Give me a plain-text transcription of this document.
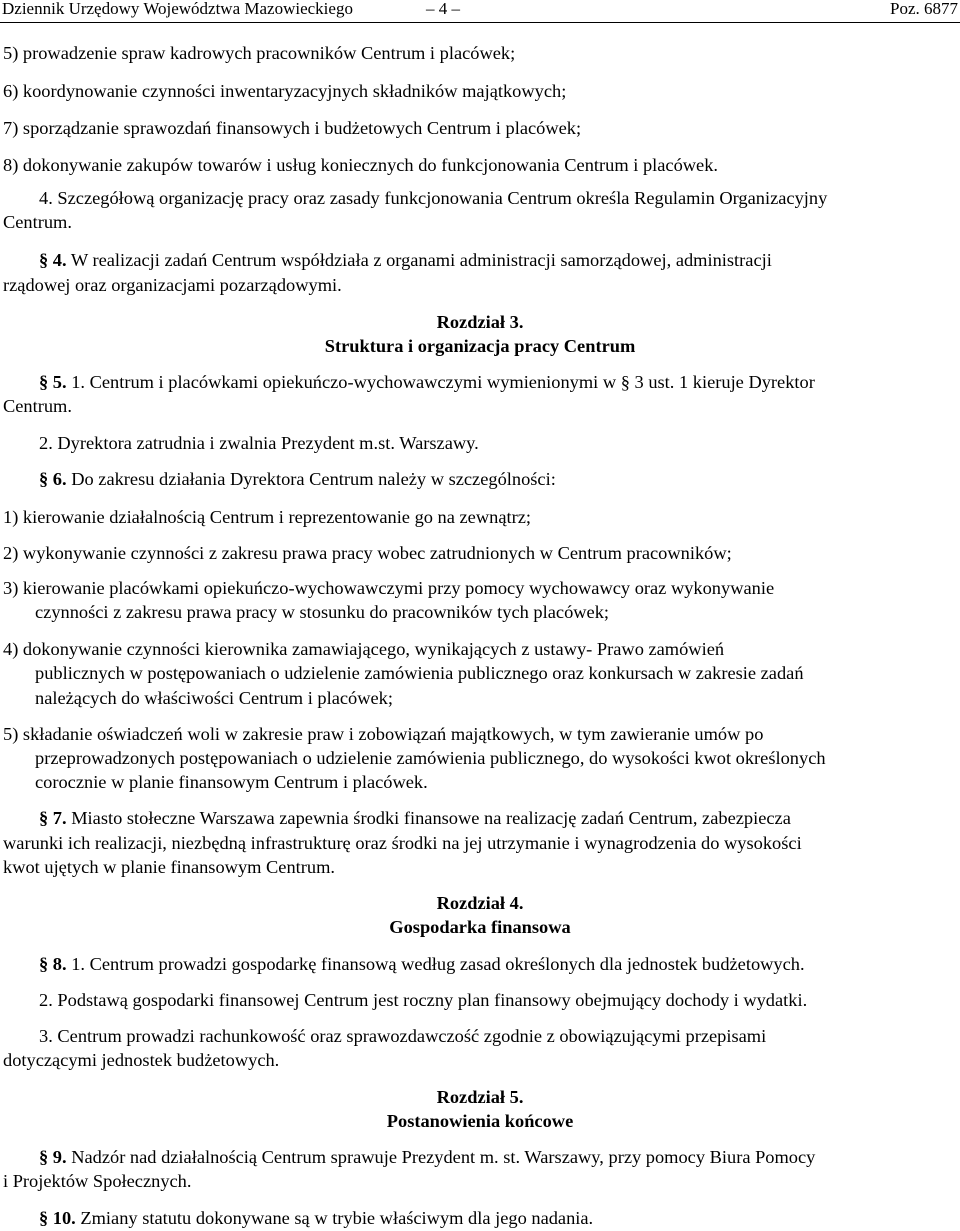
Dziennik Urzędowy Województwa Mazowieckiego	– 4 –	Poz. 6877
5) prowadzenie spraw kadrowych pracowników Centrum i placówek;
6) koordynowanie czynności inwentaryzacyjnych składników majątkowych;
7) sporządzanie sprawozdań finansowych i budżetowych Centrum i placówek;
8) dokonywanie zakupów towarów i usług koniecznych do funkcjonowania Centrum i placówek.
4. Szczegółową organizację pracy oraz zasady funkcjonowania Centrum określa Regulamin Organizacyjny
Centrum.
§ 4. W realizacji zadań Centrum współdziała z organami administracji samorządowej, administracji
rządowej oraz organizacjami pozarządowymi.
Rozdział 3.
Struktura i organizacja pracy Centrum
§ 5. 1. Centrum i placówkami opiekuńczo-wychowawczymi wymienionymi w § 3 ust. 1 kieruje Dyrektor
Centrum.
2. Dyrektora zatrudnia i zwalnia Prezydent m.st. Warszawy.
§ 6. Do zakresu działania Dyrektora Centrum należy w szczególności:
1) kierowanie działalnością Centrum i reprezentowanie go na zewnątrz;
2) wykonywanie czynności z zakresu prawa pracy wobec zatrudnionych w Centrum pracowników;
3) kierowanie placówkami opiekuńczo-wychowawczymi przy pomocy wychowawcy oraz wykonywanie
czynności z zakresu prawa pracy w stosunku do pracowników tych placówek;
4) dokonywanie czynności kierownika zamawiającego, wynikających z ustawy- Prawo zamówień
publicznych w postępowaniach o udzielenie zamówienia publicznego oraz konkursach w zakresie zadań
należących do właściwości Centrum i placówek;
5) składanie oświadczeń woli w zakresie praw i zobowiązań majątkowych, w tym zawieranie umów po
przeprowadzonych postępowaniach o udzielenie zamówienia publicznego, do wysokości kwot określonych
corocznie w planie finansowym Centrum i placówek.
§ 7. Miasto stołeczne Warszawa zapewnia środki finansowe na realizację zadań Centrum, zabezpiecza
warunki ich realizacji, niezbędną infrastrukturę oraz środki na jej utrzymanie i wynagrodzenia do wysokości
kwot ujętych w planie finansowym Centrum.
Rozdział 4.
Gospodarka finansowa
§ 8. 1. Centrum prowadzi gospodarkę finansową według zasad określonych dla jednostek budżetowych.
2. Podstawą gospodarki finansowej Centrum jest roczny plan finansowy obejmujący dochody i wydatki.
3. Centrum prowadzi rachunkowość oraz sprawozdawczość zgodnie z obowiązującymi przepisami
dotyczącymi jednostek budżetowych.
Rozdział 5.
Postanowienia końcowe
§ 9. Nadzór nad działalnością Centrum sprawuje Prezydent m. st. Warszawy, przy pomocy Biura Pomocy
i Projektów Społecznych.
§ 10. Zmiany statutu dokonywane są w trybie właściwym dla jego nadania.
